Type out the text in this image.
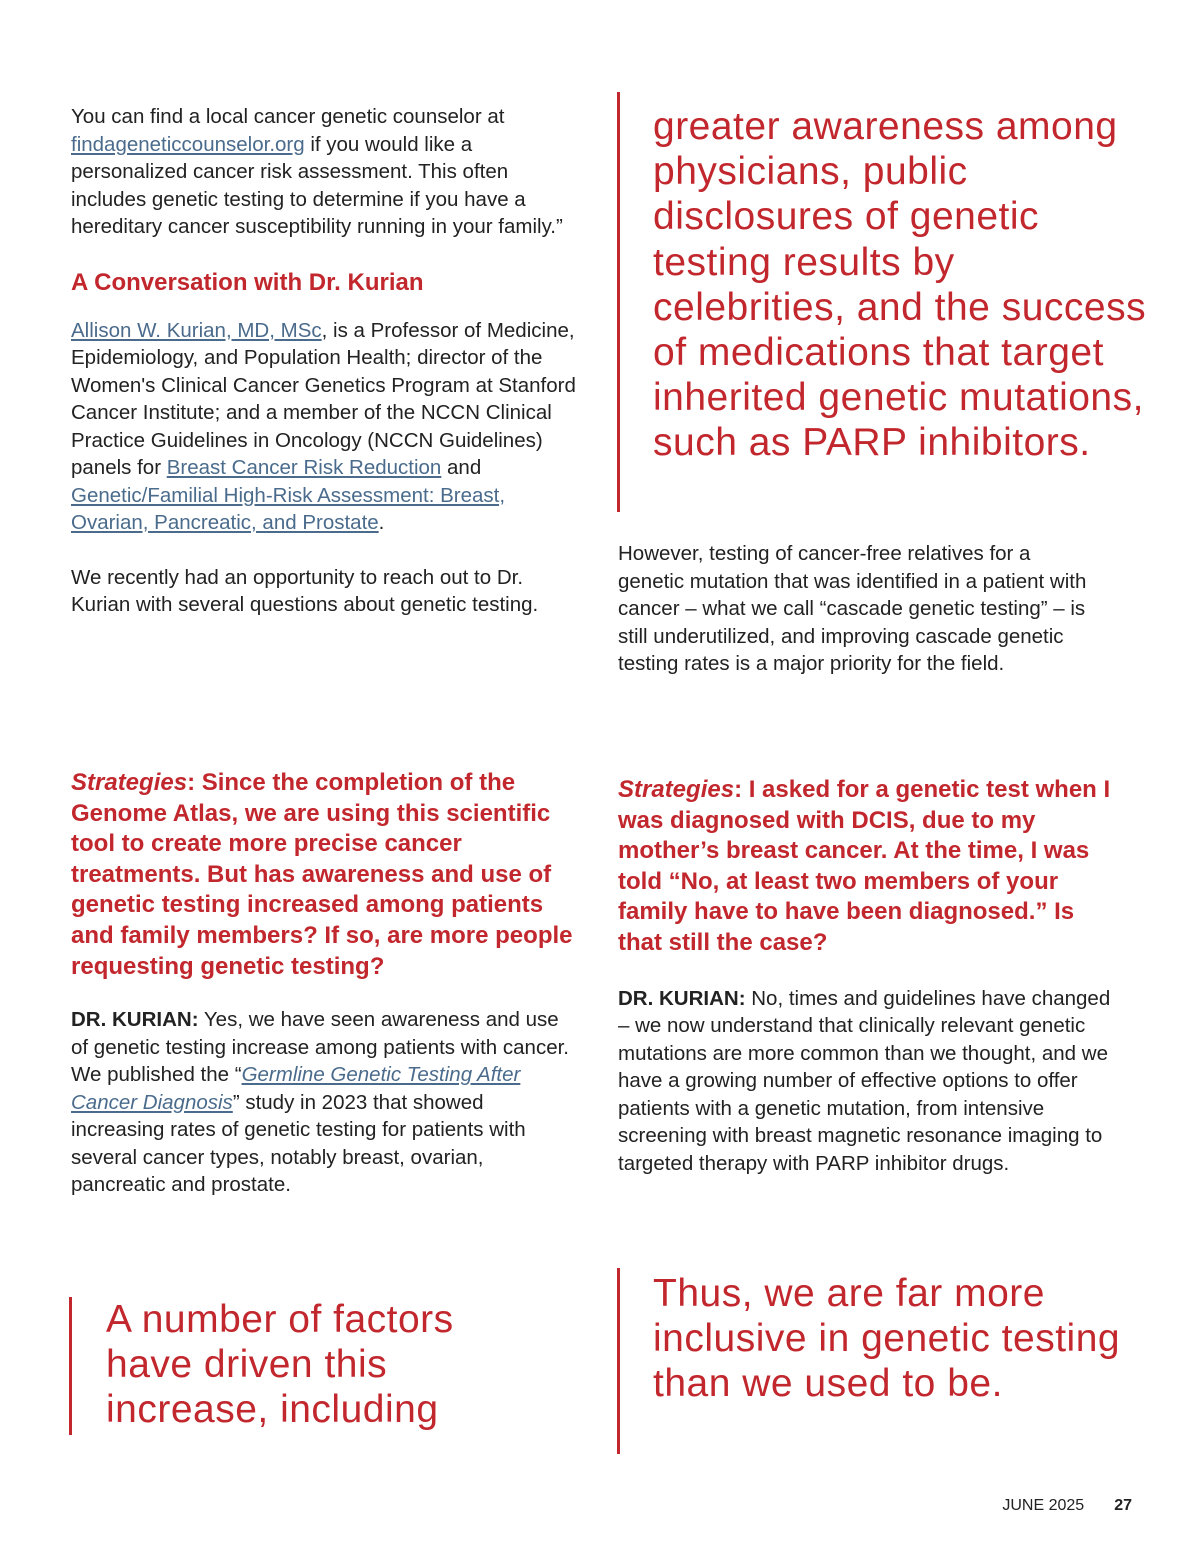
You can find a local cancer genetic counselor at findageneticcounselor.org if you would like a personalized cancer risk assessment. This often includes genetic testing to determine if you have a hereditary cancer susceptibility running in your family.”

A Conversation with Dr. Kurian

Allison W. Kurian, MD, MSc, is a Professor of Medicine, Epidemiology, and Population Health; director of the Women's Clinical Cancer Genetics Program at Stanford Cancer Institute; and a member of the NCCN Clinical Practice Guidelines in Oncology (NCCN Guidelines) panels for Breast Cancer Risk Reduction and Genetic/Familial High-Risk Assessment: Breast, Ovarian, Pancreatic, and Prostate.

We recently had an opportunity to reach out to Dr. Kurian with several questions about genetic testing.

Strategies: Since the completion of the Genome Atlas, we are using this scientific tool to create more precise cancer treatments. But has awareness and use of genetic testing increased among patients and family members? If so, are more people requesting genetic testing?

DR. KURIAN: Yes, we have seen awareness and use of genetic testing increase among patients with cancer. We published the “Germline Genetic Testing After Cancer Diagnosis” study in 2023 that showed increasing rates of genetic testing for patients with several cancer types, notably breast, ovarian, pancreatic and prostate.

A number of factors have driven this increase, including

greater awareness among physicians, public disclosures of genetic testing results by celebrities, and the success of medications that target inherited genetic mutations, such as PARP inhibitors.

However, testing of cancer-free relatives for a genetic mutation that was identified in a patient with cancer – what we call “cascade genetic testing” – is still underutilized, and improving cascade genetic testing rates is a major priority for the field.

Strategies: I asked for a genetic test when I was diagnosed with DCIS, due to my mother’s breast cancer. At the time, I was told “No, at least two members of your family have to have been diagnosed.” Is that still the case?

DR. KURIAN: No, times and guidelines have changed – we now understand that clinically relevant genetic mutations are more common than we thought, and we have a growing number of effective options to offer patients with a genetic mutation, from intensive screening with breast magnetic resonance imaging to targeted therapy with PARP inhibitor drugs.

Thus, we are far more inclusive in genetic testing than we used to be.

JUNE 2025 27
